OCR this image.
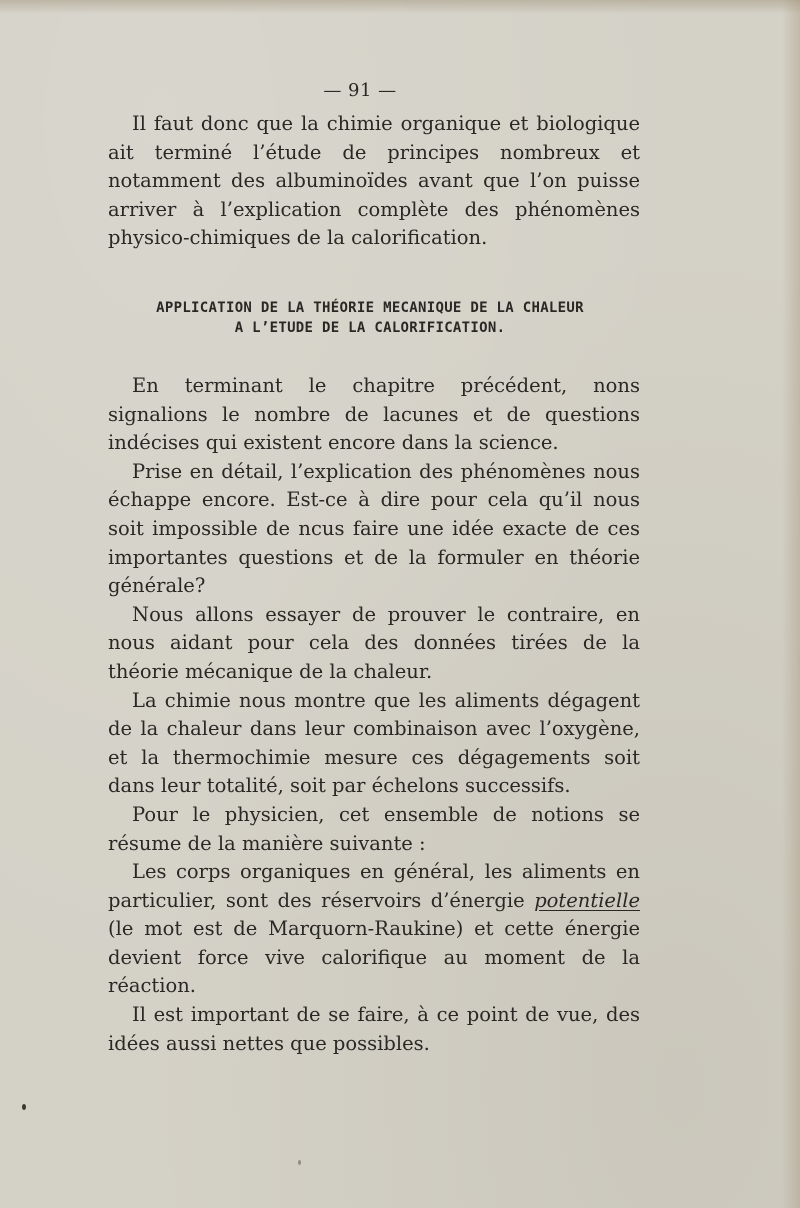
— 91 —

Il faut donc que la chimie organique et biologique ait terminé l’étude de principes nombreux et notamment des albuminoïdes avant que l’on puisse arriver à l’explication complète des phénomènes physico-chimiques de la calorification.

APPLICATION DE LA THÉORIE MECANIQUE DE LA CHALEUR
A L’ETUDE DE LA CALORIFICATION.

En terminant le chapitre précédent, nons signalions le nombre de lacunes et de questions indécises qui existent encore dans la science.

Prise en détail, l’explication des phénomènes nous échappe encore. Est-ce à dire pour cela qu’il nous soit impossible de ncus faire une idée exacte de ces importantes questions et de la formuler en théorie générale?

Nous allons essayer de prouver le contraire, en nous aidant pour cela des données tirées de la théorie mécanique de la chaleur.

La chimie nous montre que les aliments dégagent de la chaleur dans leur combinaison avec l’oxygène, et la thermochimie mesure ces dégagements soit dans leur totalité, soit par échelons successifs.

Pour le physicien, cet ensemble de notions se résume de la manière suivante :

Les corps organiques en général, les aliments en particulier, sont des réservoirs d’énergie potentielle (le mot est de Marquorn-Raukine) et cette énergie devient force vive calorifique au moment de la réaction.

Il est important de se faire, à ce point de vue, des idées aussi nettes que possibles.
